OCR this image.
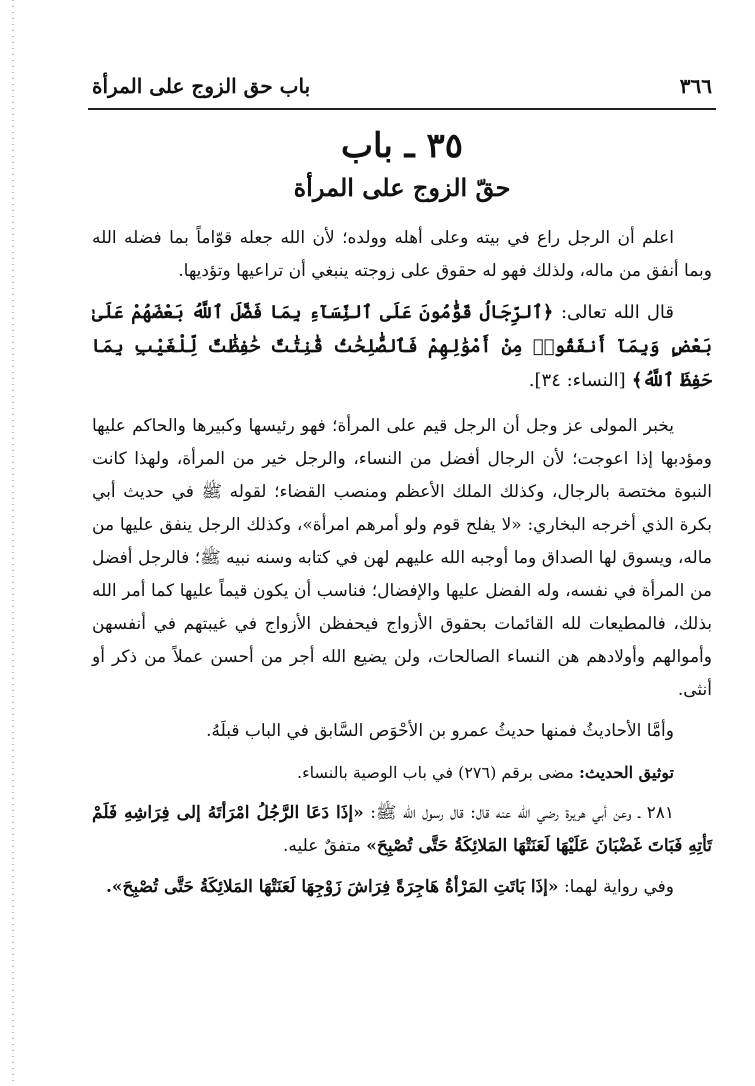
٣٦٦
باب حق الزوج على المرأة
٣٥ ـ باب
حقّ الزوج على المرأة

اعلم أن الرجل راع في بيته وعلى أهله وولده؛ لأن الله جعله قوّاماً بما فضله الله وبما أنفق من ماله، ولذلك فهو له حقوق على زوجته ينبغي أن تراعيها وتؤديها.

قال الله تعالى: ﴿ٱلرِّجَالُ قَوَّٰمُونَ عَلَى ٱلنِّسَآءِ بِمَا فَضَّلَ ٱللَّهُ بَعْضَهُمْ عَلَىٰ بَعْضٍ وَبِمَآ أَنفَقُوا۟ مِنْ أَمْوَٰلِهِمْ فَٱلصَّٰلِحَٰتُ قَٰنِتَٰتٌ حَٰفِظَٰتٌ لِّلْغَيْبِ بِمَا حَفِظَ ٱللَّهُ﴾ [النساء: ٣٤].

يخبر المولى عز وجل أن الرجل قيم على المرأة؛ فهو رئيسها وكبيرها والحاكم عليها ومؤدبها إذا اعوجت؛ لأن الرجال أفضل من النساء، والرجل خير من المرأة، ولهذا كانت النبوة مختصة بالرجال، وكذلك الملك الأعظم ومنصب القضاء؛ لقوله ﷺ في حديث أبي بكرة الذي أخرجه البخاري: «لا يفلح قوم ولو أمرهم امرأة»، وكذلك الرجل ينفق عليها من ماله، ويسوق لها الصداق وما أوجبه الله عليهم لهن في كتابه وسنه نبيه ﷺ؛ فالرجل أفضل من المرأة في نفسه، وله الفضل عليها والإفضال؛ فناسب أن يكون قيماً عليها كما أمر الله بذلك، فالمطيعات لله القائمات بحقوق الأزواج فيحفظن الأزواج في غيبتهم في أنفسهن وأموالهم وأولادهم هن النساء الصالحات، ولن يضيع الله أجر من أحسن عملاً من ذكر أو أنثى.

وأمَّا الأحاديثُ فمنها حديثُ عمرو بن الأحْوَص السَّابق في الباب قبلَهُ.

توثيق الحديث: مضى برقم (٢٧٦) في باب الوصية بالنساء.

٢٨١ ـ وعن أبي هريرة رضي الله عنه قال: قال رسول الله ﷺ: «إذَا دَعَا الرَّجُلُ امْرَأتَهُ إلى فِرَاشِهِ فَلَمْ تَأتِهِ فَبَاتَ غَضْبَانَ عَلَيْهَا لَعَنَتْهَا المَلائِكَةُ حَتَّى تُصْبِحَ» متفقٌ عليه.

وفي رواية لهما: «إذَا بَاتَتِ المَرْأةُ هَاجِرَةً فِرَاشَ زَوْجِهَا لَعَنَتْهَا المَلائِكَةُ حَتَّى تُصْبِحَ».
